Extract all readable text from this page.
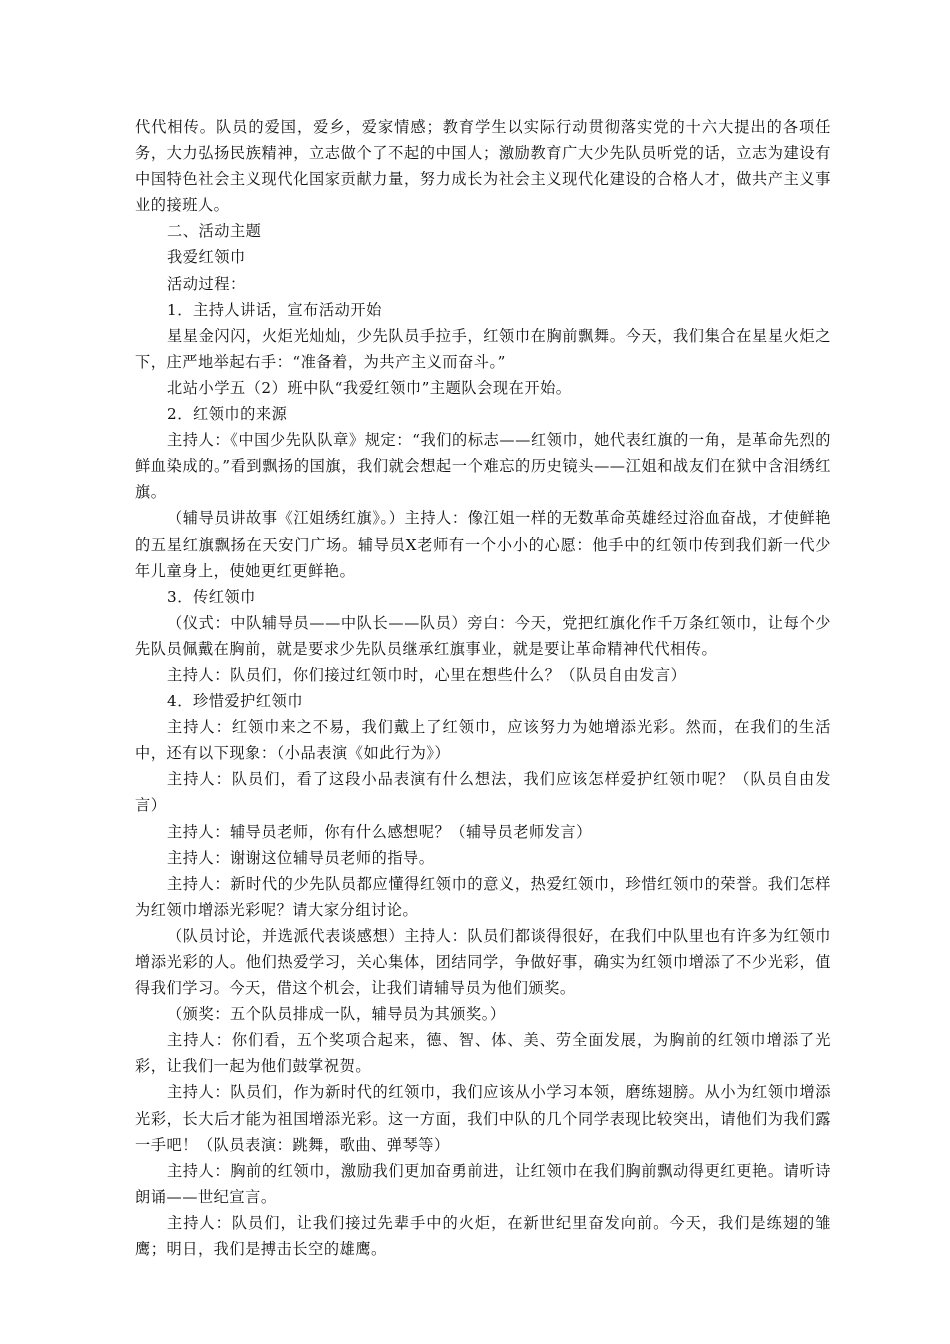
代代相传。队员的爱国，爱乡，爱家情感；教育学生以实际行动贯彻落实党的十六大提出的各项任务，大力弘扬民族精神，立志做个了不起的中国人；激励教育广大少先队员听党的话，立志为建设有中国特色社会主义现代化国家贡献力量，努力成长为社会主义现代化建设的合格人才，做共产主义事业的接班人。

二、活动主题

我爱红领巾

活动过程：

1．主持人讲话，宣布活动开始

星星金闪闪，火炬光灿灿，少先队员手拉手，红领巾在胸前飘舞。今天，我们集合在星星火炬之下，庄严地举起右手：“准备着，为共产主义而奋斗。”

北站小学五（2）班中队“我爱红领巾”主题队会现在开始。

2．红领巾的来源

主持人：《中国少先队队章》规定：“我们的标志——红领巾，她代表红旗的一角，是革命先烈的鲜血染成的。”看到飘扬的国旗，我们就会想起一个难忘的历史镜头——江姐和战友们在狱中含泪绣红旗。

（辅导员讲故事《江姐绣红旗》。）主持人：像江姐一样的无数革命英雄经过浴血奋战，才使鲜艳的五星红旗飘扬在天安门广场。辅导员X老师有一个小小的心愿：他手中的红领巾传到我们新一代少年儿童身上，使她更红更鲜艳。

3．传红领巾

（仪式：中队辅导员——中队长——队员）旁白：今天，党把红旗化作千万条红领巾，让每个少先队员佩戴在胸前，就是要求少先队员继承红旗事业，就是要让革命精神代代相传。

主持人：队员们，你们接过红领巾时，心里在想些什么？（队员自由发言）

4．珍惜爱护红领巾

主持人：红领巾来之不易，我们戴上了红领巾，应该努力为她增添光彩。然而，在我们的生活中，还有以下现象：（小品表演《如此行为》）

主持人：队员们，看了这段小品表演有什么想法，我们应该怎样爱护红领巾呢？（队员自由发言）

主持人：辅导员老师，你有什么感想呢？（辅导员老师发言）

主持人：谢谢这位辅导员老师的指导。

主持人：新时代的少先队员都应懂得红领巾的意义，热爱红领巾，珍惜红领巾的荣誉。我们怎样为红领巾增添光彩呢？请大家分组讨论。

（队员讨论，并选派代表谈感想）主持人：队员们都谈得很好，在我们中队里也有许多为红领巾增添光彩的人。他们热爱学习，关心集体，团结同学，争做好事，确实为红领巾增添了不少光彩，值得我们学习。今天，借这个机会，让我们请辅导员为他们颁奖。

（颁奖：五个队员排成一队，辅导员为其颁奖。）

主持人：你们看，五个奖项合起来，德、智、体、美、劳全面发展，为胸前的红领巾增添了光彩，让我们一起为他们鼓掌祝贺。

主持人：队员们，作为新时代的红领巾，我们应该从小学习本领，磨练翅膀。从小为红领巾增添光彩，长大后才能为祖国增添光彩。这一方面，我们中队的几个同学表现比较突出，请他们为我们露一手吧！（队员表演：跳舞，歌曲、弹琴等）

主持人：胸前的红领巾，激励我们更加奋勇前进，让红领巾在我们胸前飘动得更红更艳。请听诗朗诵——世纪宣言。

主持人：队员们，让我们接过先辈手中的火炬，在新世纪里奋发向前。今天，我们是练翅的雏鹰；明日，我们是搏击长空的雄鹰。
